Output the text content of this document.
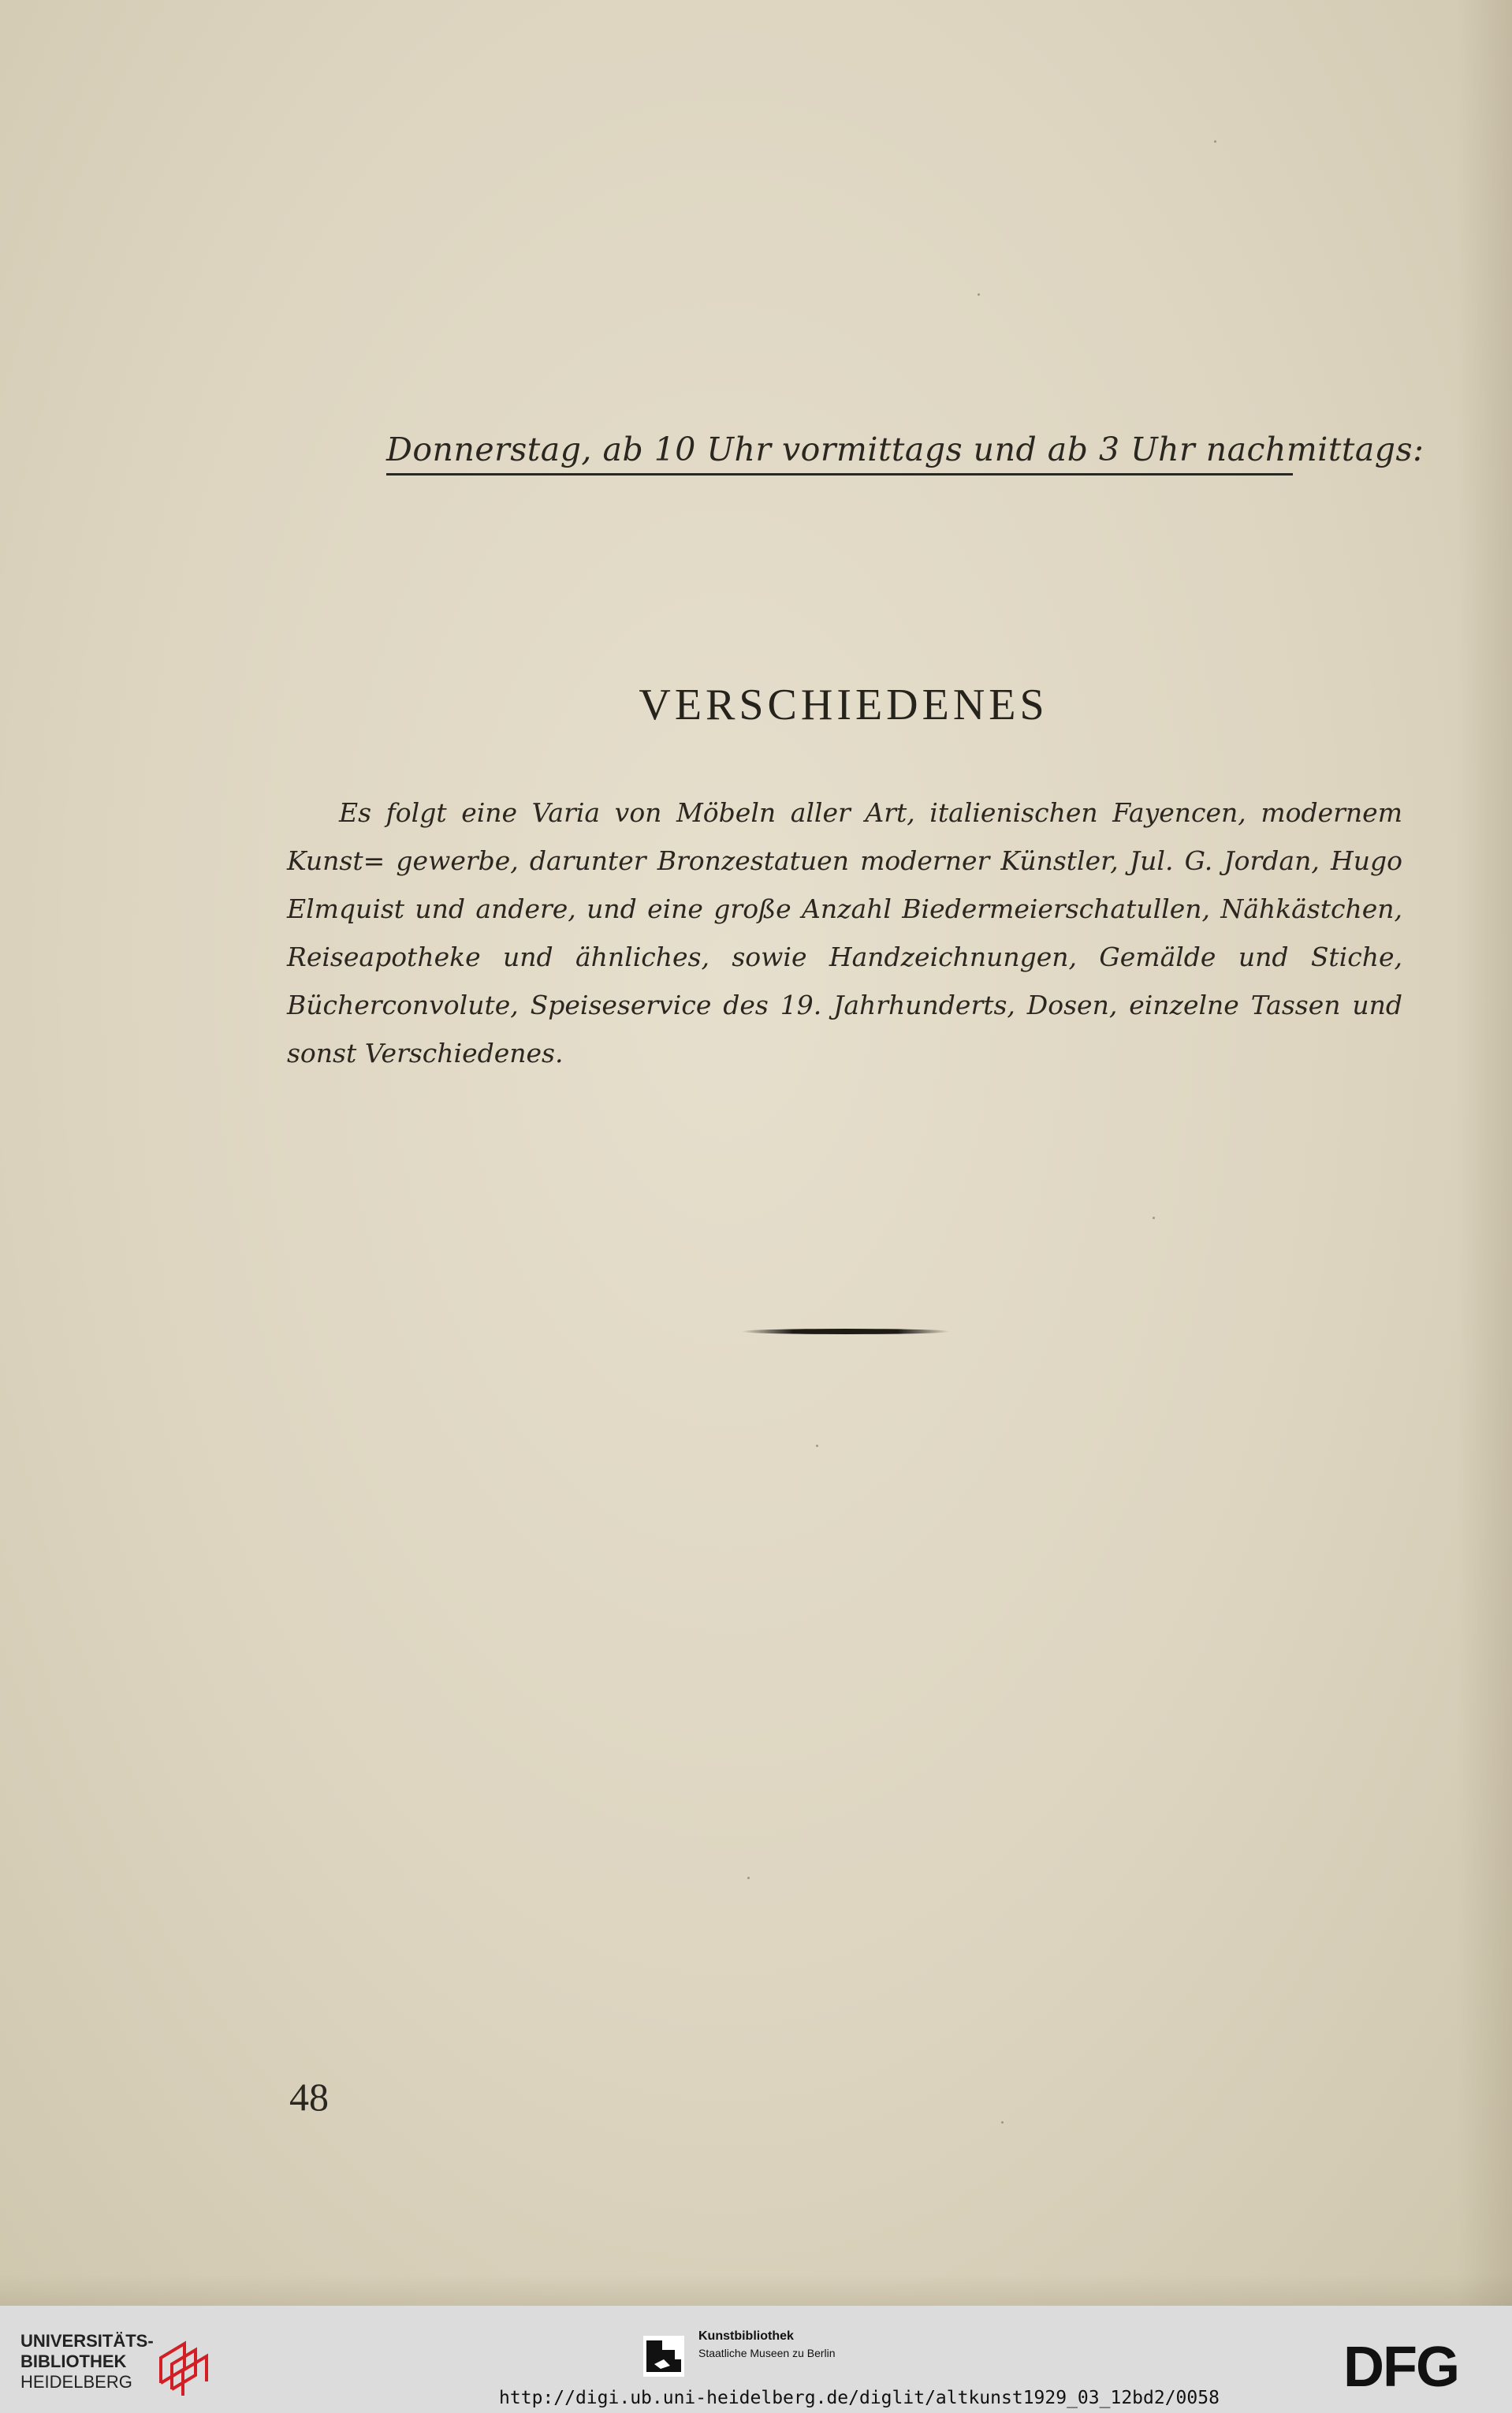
Donnerstag, ab 10 Uhr vormittags und ab 3 Uhr nachmittags:
VERSCHIEDENES
Es folgt eine Varia von Möbeln aller Art, italienischen Fayencen, modernem Kunst= gewerbe, darunter Bronzestatuen moderner Künstler, Jul. G. Jordan, Hugo Elmquist und andere, und eine große Anzahl Biedermeierschatullen, Nähkästchen, Reiseapotheke und ähnliches, sowie Handzeichnungen, Gemälde und Stiche, Bücherconvolute, Speiseservice des 19. Jahrhunderts, Dosen, einzelne Tassen und sonst Verschiedenes.
48
UNIVERSITÄTS-
BIBLIOTHEK
HEIDELBERG
Kunstbibliothek
Staatliche Museen zu Berlin	DFG
http://digi.ub.uni-heidelberg.de/diglit/altkunst1929_03_12bd2/0058
